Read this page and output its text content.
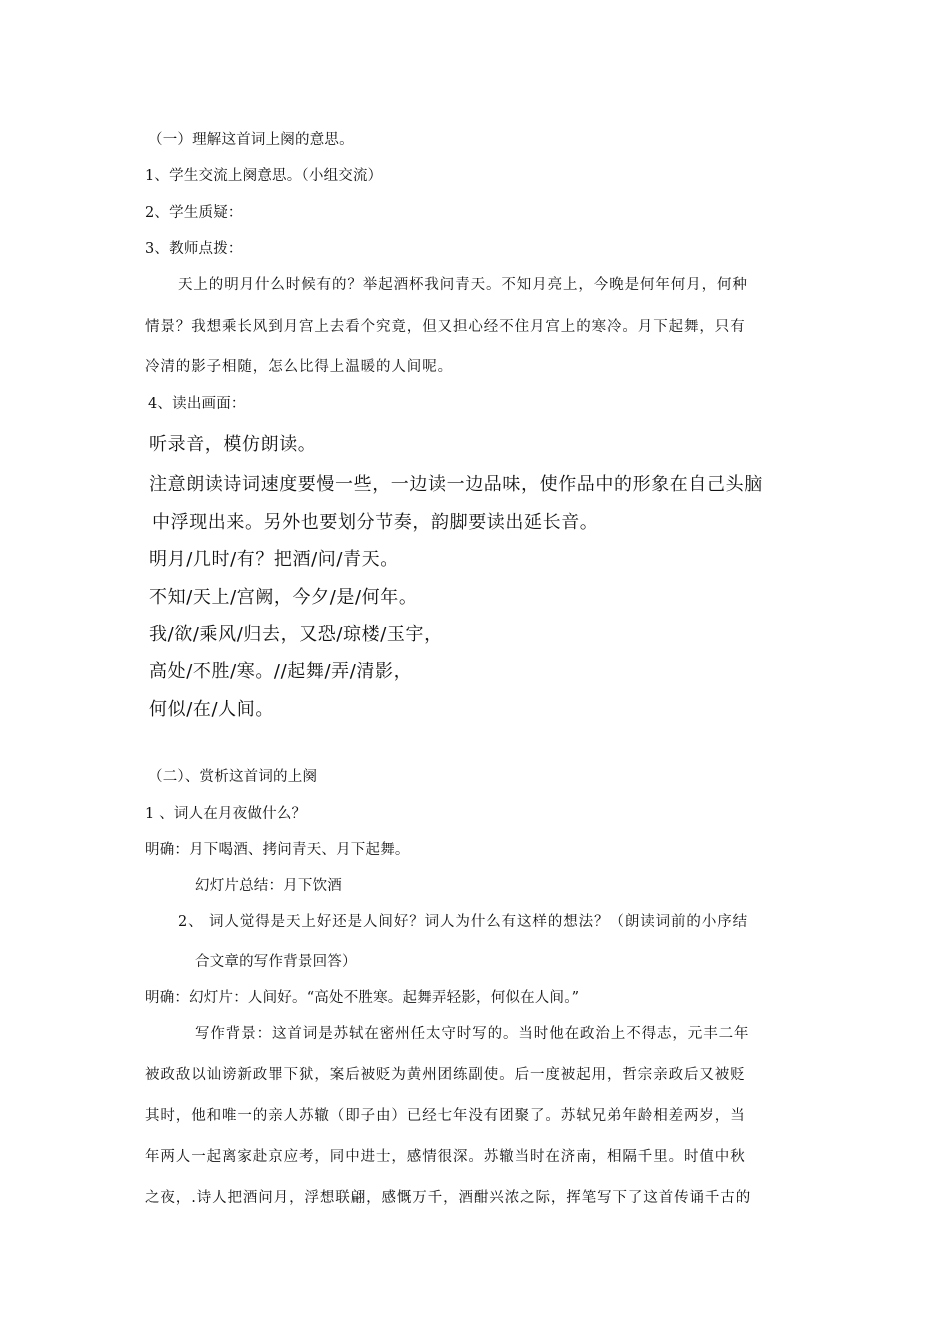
（一）理解这首词上阕的意思。
1、学生交流上阕意思。（小组交流）
2、学生质疑：
3、教师点拨：
天上的明月什么时候有的？举起酒杯我问青天。不知月亮上，今晚是何年何月，何种
情景？我想乘长风到月宫上去看个究竟，但又担心经不住月宫上的寒冷。月下起舞，只有
冷清的影子相随，怎么比得上温暖的人间呢。
4、读出画面：
听录音，模仿朗读。
注意朗读诗词速度要慢一些，一边读一边品味，使作品中的形象在自己头脑
中浮现出来。另外也要划分节奏，韵脚要读出延长音。
明月/几时/有？把酒/问/青天。
不知/天上/宫阙，今夕/是/何年。
我/欲/乘风/归去，又恐/琼楼/玉宇，
高处/不胜/寒。//起舞/弄/清影，
何似/在/人间。
（二）、赏析这首词的上阕
1 、词人在月夜做什么？
明确：月下喝酒、拷问青天、月下起舞。
幻灯片总结：月下饮酒
2、 词人觉得是天上好还是人间好？词人为什么有这样的想法？（朗读词前的小序结
合文章的写作背景回答）
明确：幻灯片：人间好。“高处不胜寒。起舞弄轻影，何似在人间。”
写作背景：这首词是苏轼在密州任太守时写的。当时他在政治上不得志，元丰二年
被政敌以讪谤新政罪下狱，案后被贬为黄州团练副使。后一度被起用，哲宗亲政后又被贬
其时，他和唯一的亲人苏辙（即子由）已经七年没有团聚了。苏轼兄弟年龄相差两岁，当
年两人一起离家赴京应考，同中进士，感情很深。苏辙当时在济南，相隔千里。时值中秋
之夜，.诗人把酒问月，浮想联翩，感慨万千，酒酣兴浓之际，挥笔写下了这首传诵千古的
